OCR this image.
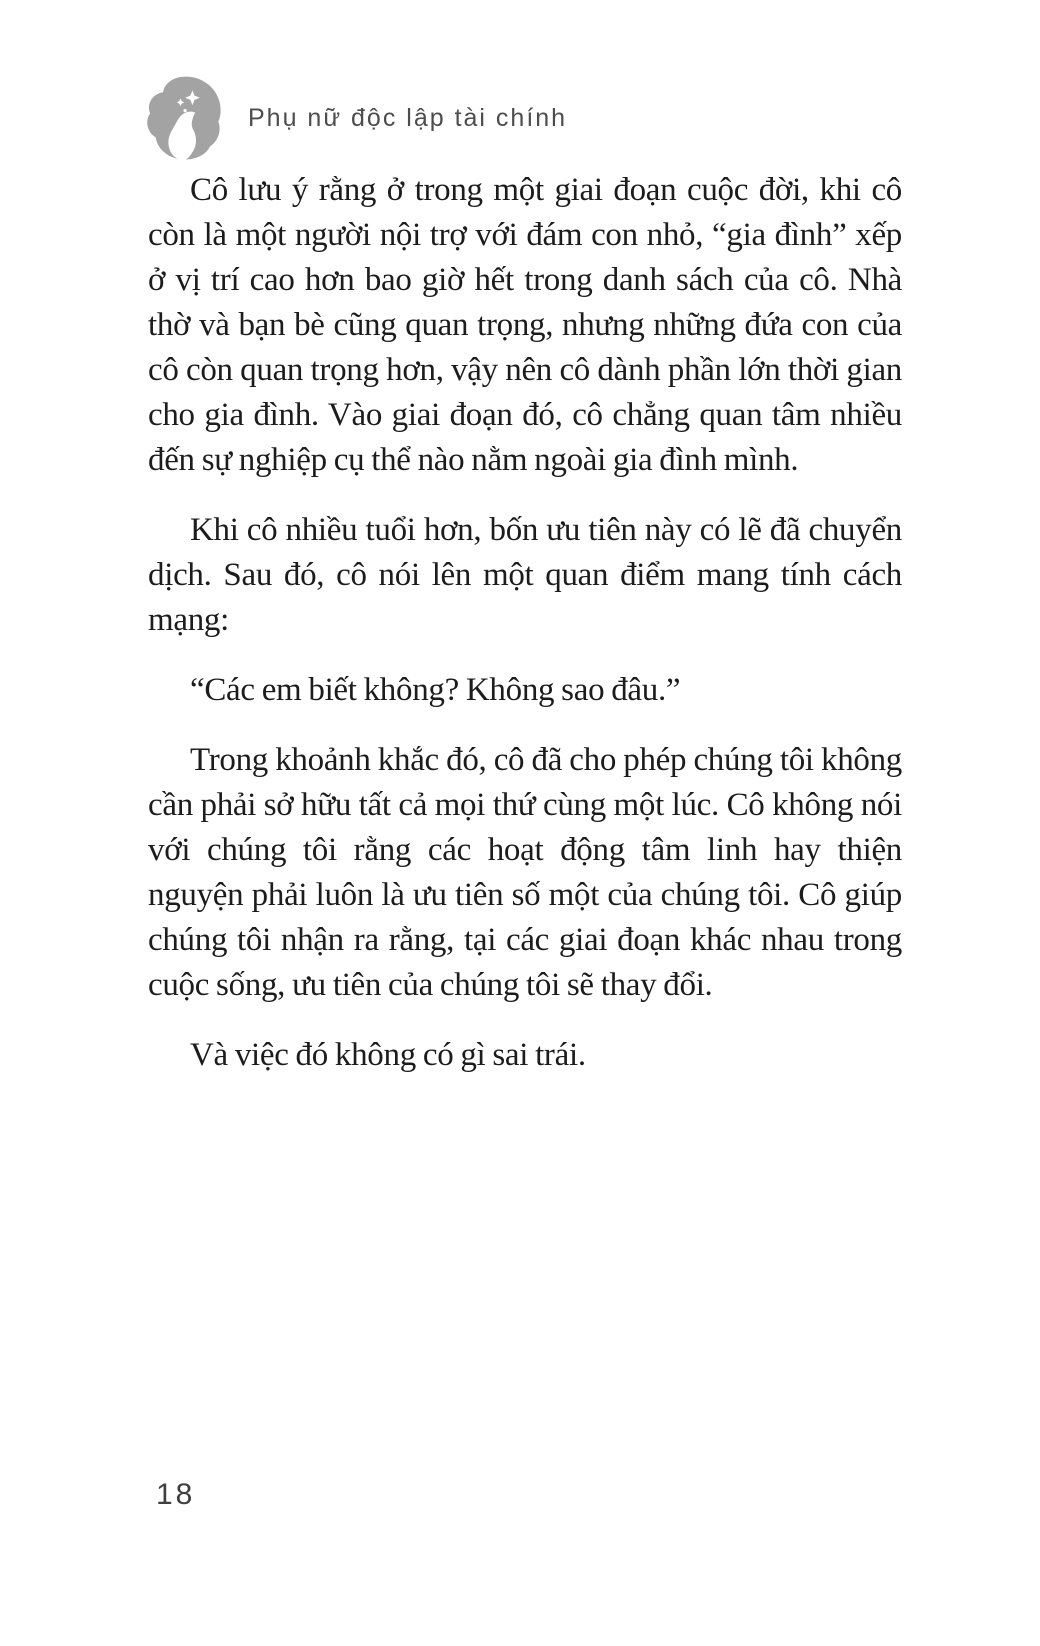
Phụ nữ độc lập tài chính

Cô lưu ý rằng ở trong một giai đoạn cuộc đời, khi cô còn là một người nội trợ với đám con nhỏ, “gia đình” xếp ở vị trí cao hơn bao giờ hết trong danh sách của cô. Nhà thờ và bạn bè cũng quan trọng, nhưng những đứa con của cô còn quan trọng hơn, vậy nên cô dành phần lớn thời gian cho gia đình. Vào giai đoạn đó, cô chẳng quan tâm nhiều đến sự nghiệp cụ thể nào nằm ngoài gia đình mình.

Khi cô nhiều tuổi hơn, bốn ưu tiên này có lẽ đã chuyển dịch. Sau đó, cô nói lên một quan điểm mang tính cách mạng:

“Các em biết không? Không sao đâu.”

Trong khoảnh khắc đó, cô đã cho phép chúng tôi không cần phải sở hữu tất cả mọi thứ cùng một lúc. Cô không nói với chúng tôi rằng các hoạt động tâm linh hay thiện nguyện phải luôn là ưu tiên số một của chúng tôi. Cô giúp chúng tôi nhận ra rằng, tại các giai đoạn khác nhau trong cuộc sống, ưu tiên của chúng tôi sẽ thay đổi.

Và việc đó không có gì sai trái.

18
